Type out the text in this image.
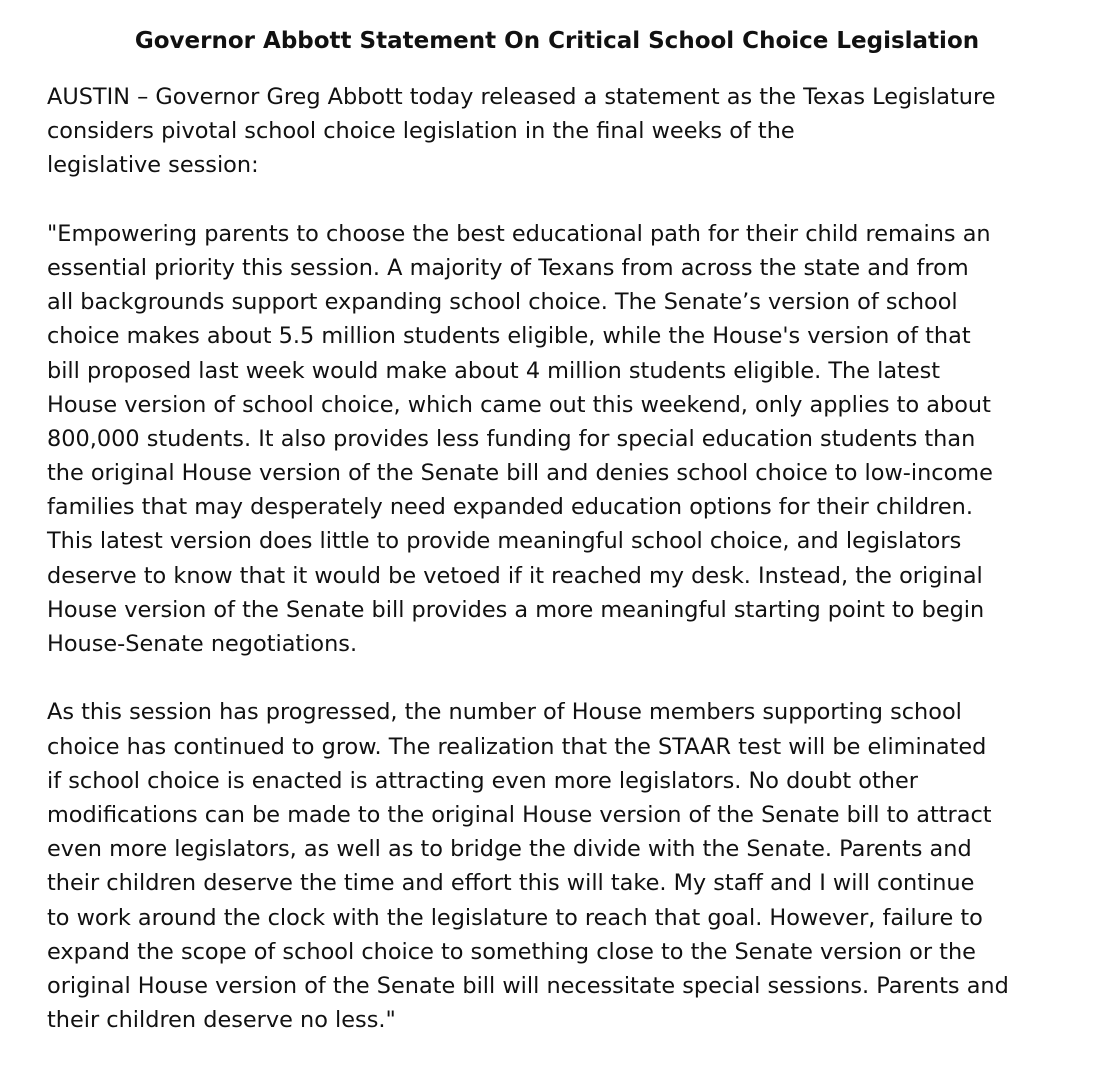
Governor Abbott Statement On Critical School Choice Legislation
AUSTIN – Governor Greg Abbott today released a statement as the Texas Legislature
considers pivotal school choice legislation in the final weeks of the
legislative session:
"Empowering parents to choose the best educational path for their child remains an
essential priority this session. A majority of Texans from across the state and from
all backgrounds support expanding school choice. The Senate’s version of school
choice makes about 5.5 million students eligible, while the House's version of that
bill proposed last week would make about 4 million students eligible. The latest
House version of school choice, which came out this weekend, only applies to about
800,000 students. It also provides less funding for special education students than
the original House version of the Senate bill and denies school choice to low-income
families that may desperately need expanded education options for their children.
This latest version does little to provide meaningful school choice, and legislators
deserve to know that it would be vetoed if it reached my desk. Instead, the original
House version of the Senate bill provides a more meaningful starting point to begin
House-Senate negotiations.
As this session has progressed, the number of House members supporting school
choice has continued to grow. The realization that the STAAR test will be eliminated
if school choice is enacted is attracting even more legislators. No doubt other
modifications can be made to the original House version of the Senate bill to attract
even more legislators, as well as to bridge the divide with the Senate. Parents and
their children deserve the time and effort this will take. My staff and I will continue
to work around the clock with the legislature to reach that goal. However, failure to
expand the scope of school choice to something close to the Senate version or the
original House version of the Senate bill will necessitate special sessions. Parents and
their children deserve no less."
